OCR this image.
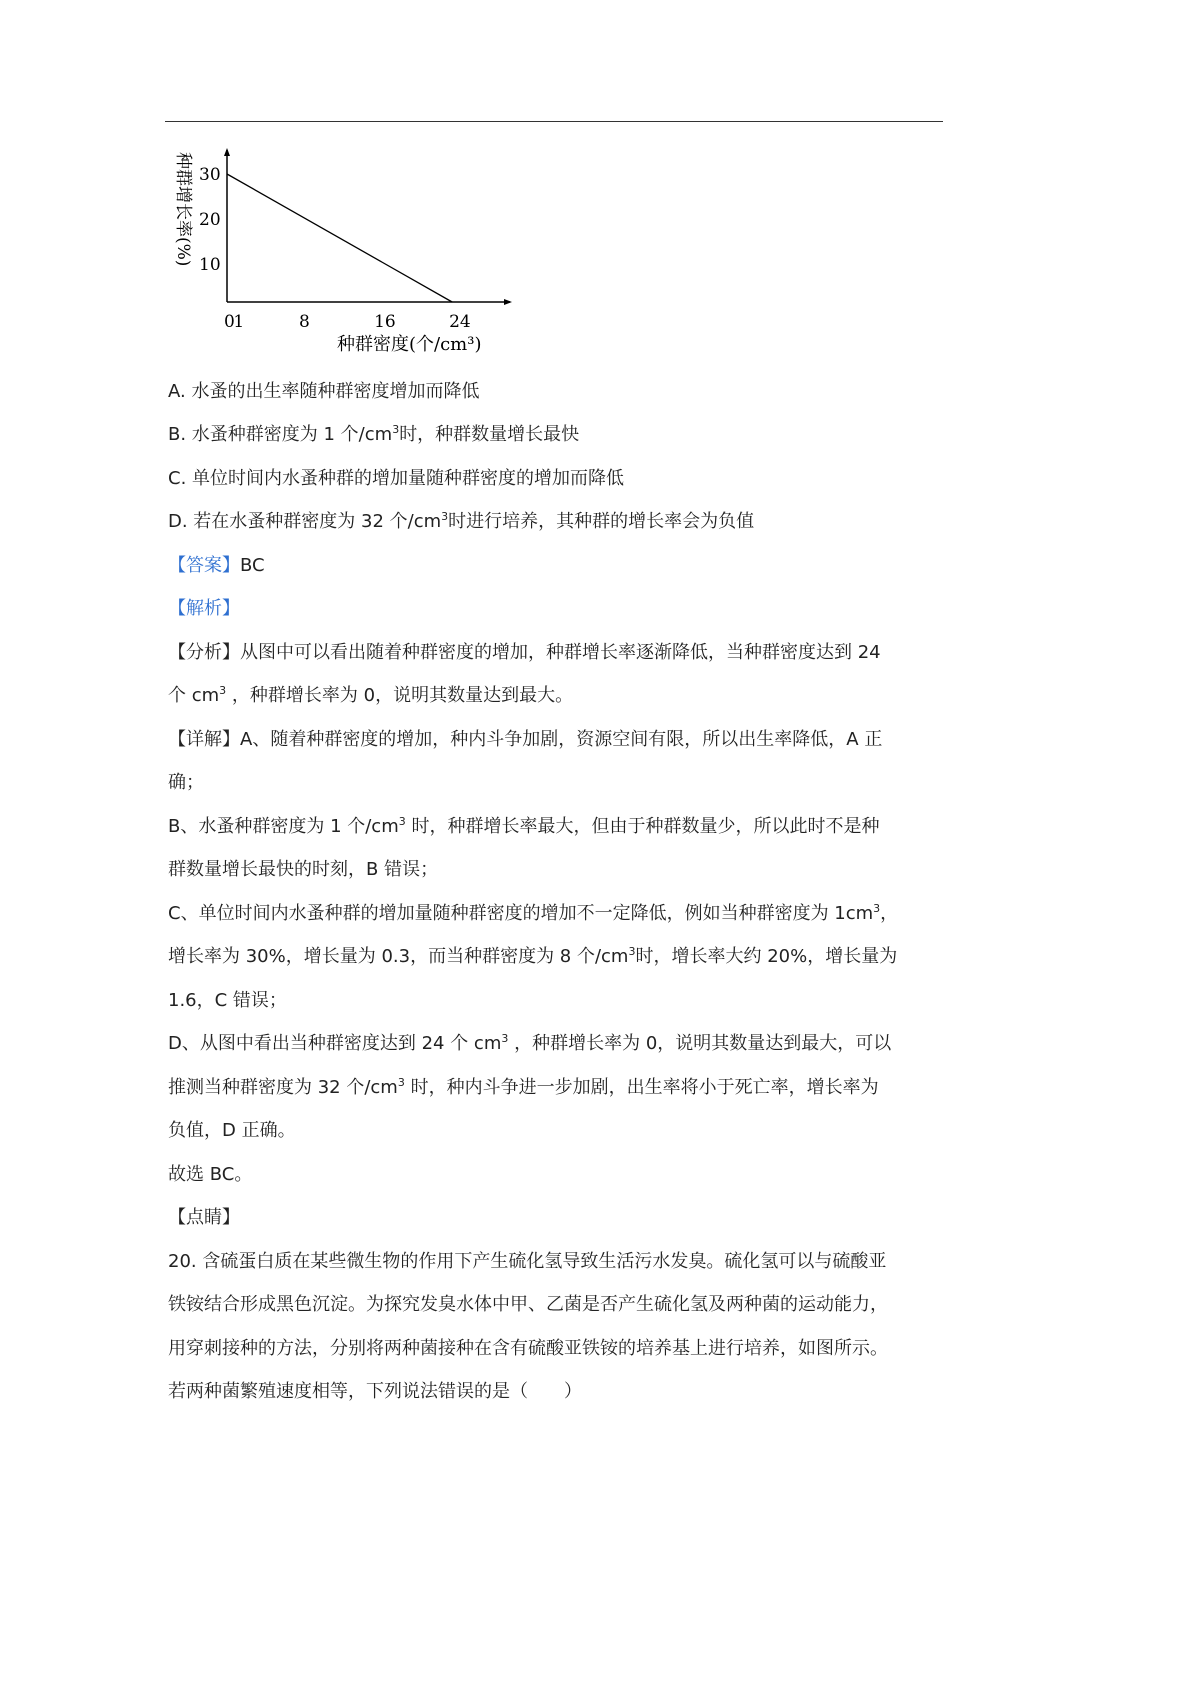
0
1	8	16	24
10
20
30
种群密度(个/cm³)
种群增长率(%)
A. 水蚤的出生率随种群密度增加而降低
B. 水蚤种群密度为 1 个$/cm^3$时，种群数量增长最快
C. 单位时间内水蚤种群的增加量随种群密度的增加而降低
D. 若在水蚤种群密度为 32 个$/cm^3$时进行培养，其种群的增长率会为负值
【答案】BC
【解析】
【分析】从图中可以看出随着种群密度的增加，种群增长率逐渐降低，当种群密度达到 24
个 $cm^3$ ，种群增长率为 0，说明其数量达到最大。
【详解】A、随着种群密度的增加，种内斗争加剧，资源空间有限，所以出生率降低，A 正
确；
B、水蚤种群密度为 1 个$/cm^3$ 时，种群增长率最大，但由于种群数量少，所以此时不是种
群数量增长最快的时刻，B 错误；
C、单位时间内水蚤种群的增加量随种群密度的增加不一定降低，例如当种群密度为 $1cm^3$，
增长率为 30%，增长量为 0.3，而当种群密度为 8 个$/cm^3$时，增长率大约 20%，增长量为
1.6，C 错误；
D、从图中看出当种群密度达到 24 个 $cm^3$ ，种群增长率为 0，说明其数量达到最大，可以
推测当种群密度为 32 个$/cm^3$ 时，种内斗争进一步加剧，出生率将小于死亡率，增长率为
负值，D 正确。
故选 BC。
【点睛】
20. 含硫蛋白质在某些微生物的作用下产生硫化氢导致生活污水发臭。硫化氢可以与硫酸亚
铁铵结合形成黑色沉淀。为探究发臭水体中甲、乙菌是否产生硫化氢及两种菌的运动能力，
用穿刺接种的方法，分别将两种菌接种在含有硫酸亚铁铵的培养基上进行培养，如图所示。
若两种菌繁殖速度相等，下列说法错误的是（　　）
